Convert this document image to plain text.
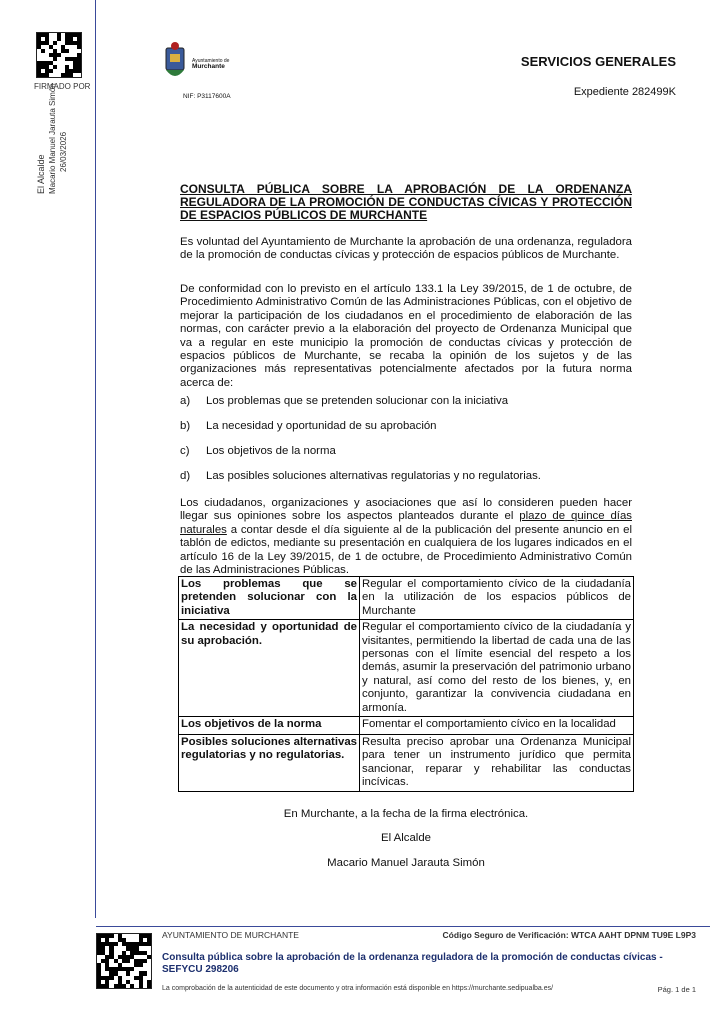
FIRMADO POR
El Alcalde Macario Manuel Jarauta Simón 26/03/2026
Ayuntamiento de
Murchante
NIF: P3117600A
SERVICIOS GENERALES
Expediente 282499K
CONSULTA PÚBLICA SOBRE LA APROBACIÓN DE LA ORDENANZA REGULADORA DE LA PROMOCIÓN DE CONDUCTAS CÍVICAS Y PROTECCIÓN DE ESPACIOS PÚBLICOS DE MURCHANTE
Es voluntad del Ayuntamiento de Murchante la aprobación de una ordenanza, reguladora de la promoción de conductas cívicas y protección de espacios públicos de Murchante.
De conformidad con lo previsto en el artículo 133.1 la Ley 39/2015, de 1 de octubre, de Procedimiento Administrativo Común de las Administraciones Públicas, con el objetivo de mejorar la participación de los ciudadanos en el procedimiento de elaboración de las normas, con carácter previo a la elaboración del proyecto de Ordenanza Municipal que va a regular en este municipio la promoción de conductas cívicas y protección de espacios públicos de Murchante, se recaba la opinión de los sujetos y de las organizaciones más representativas potencialmente afectados por la futura norma acerca de:
a) Los problemas que se pretenden solucionar con la iniciativa
b) La necesidad y oportunidad de su aprobación
c) Los objetivos de la norma
d) Las posibles soluciones alternativas regulatorias y no regulatorias.
Los ciudadanos, organizaciones y asociaciones que así lo consideren pueden hacer llegar sus opiniones sobre los aspectos planteados durante el plazo de quince días naturales a contar desde el día siguiente al de la publicación del presente anuncio en el tablón de edictos, mediante su presentación en cualquiera de los lugares indicados en el artículo 16 de la Ley 39/2015, de 1 de octubre, de Procedimiento Administrativo Común de las Administraciones Públicas.
Los problemas que se pretenden solucionar con la iniciativa	Regular el comportamiento cívico de la ciudadanía en la utilización de los espacios públicos de Murchante
La necesidad y oportunidad de su aprobación.	Regular el comportamiento cívico de la ciudadanía y visitantes, permitiendo la libertad de cada una de las personas con el límite esencial del respeto a los demás, asumir la preservación del patrimonio urbano y natural, así como del resto de los bienes, y, en conjunto, garantizar la convivencia ciudadana en armonía.
Los objetivos de la norma	Fomentar el comportamiento cívico en la localidad
Posibles soluciones alternativas regulatorias y no regulatorias.	Resulta preciso aprobar una Ordenanza Municipal para tener un instrumento jurídico que permita sancionar, reparar y rehabilitar las conductas incívicas.
En Murchante, a la fecha de la firma electrónica.
El Alcalde
Macario Manuel Jarauta Simón
AYUNTAMIENTO DE MURCHANTE	Código Seguro de Verificación: WTCA AAHT DPNM TU9E L9P3
Consulta pública sobre la aprobación de la ordenanza reguladora de la promoción de conductas cívicas - SEFYCU 298206
La comprobación de la autenticidad de este documento y otra información está disponible en https://murchante.sedipualba.es/	Pág. 1 de 1
